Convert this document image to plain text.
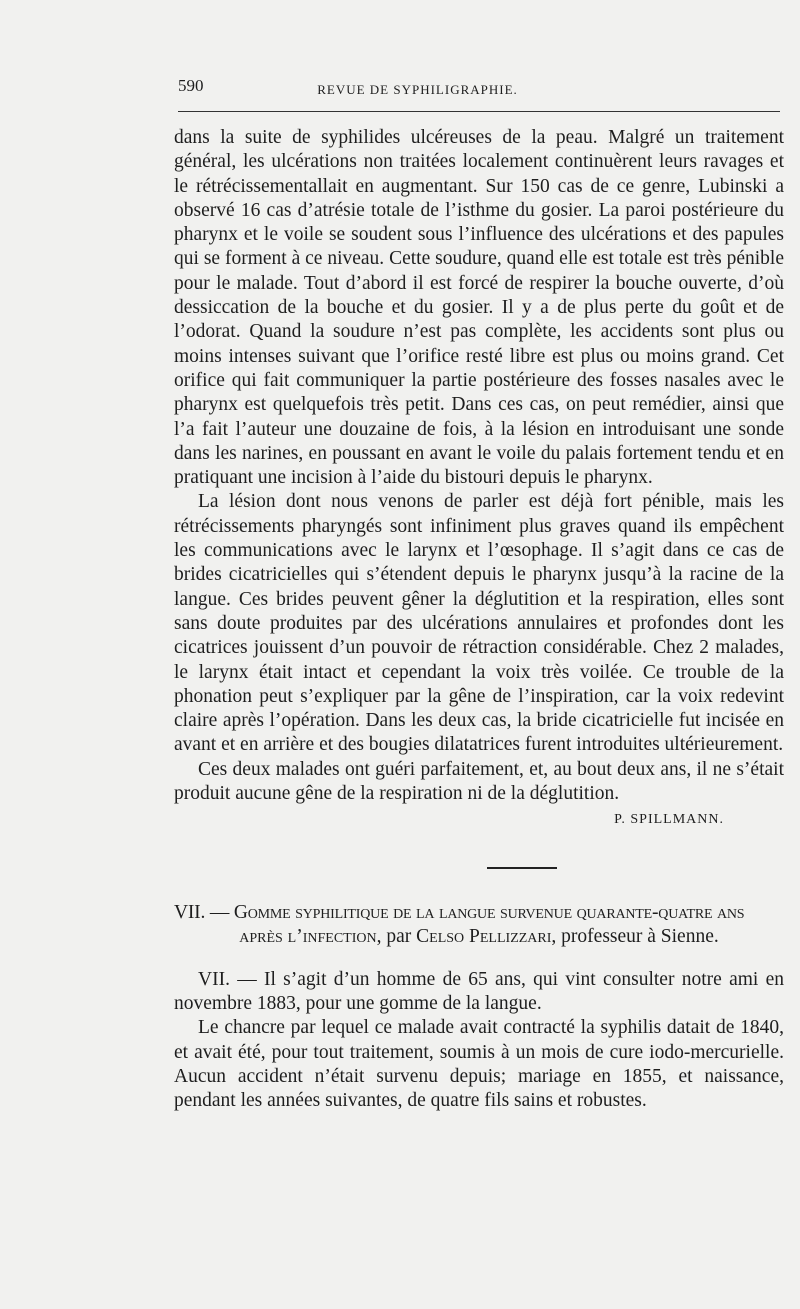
590	REVUE DE SYPHILIGRAPHIE.

dans la suite de syphilides ulcéreuses de la peau. Malgré un traitement général, les ulcérations non traitées localement continuèrent leurs ravages et le rétrécissementallait en augmentant. Sur 150 cas de ce genre, Lubinski a observé 16 cas d’atrésie totale de l’isthme du gosier. La paroi postérieure du pharynx et le voile se soudent sous l’influence des ulcérations et des papules qui se forment à ce niveau. Cette soudure, quand elle est totale est très pénible pour le malade. Tout d’abord il est forcé de respirer la bouche ouverte, d’où dessiccation de la bouche et du gosier. Il y a de plus perte du goût et de l’odorat. Quand la soudure n’est pas complète, les accidents sont plus ou moins intenses suivant que l’orifice resté libre est plus ou moins grand. Cet orifice qui fait communiquer la partie postérieure des fosses nasales avec le pharynx est quelquefois très petit. Dans ces cas, on peut remédier, ainsi que l’a fait l’auteur une douzaine de fois, à la lésion en introduisant une sonde dans les narines, en poussant en avant le voile du palais fortement tendu et en pratiquant une incision à l’aide du bistouri depuis le pharynx.

La lésion dont nous venons de parler est déjà fort pénible, mais les rétrécissements pharyngés sont infiniment plus graves quand ils empêchent les communications avec le larynx et l’œsophage. Il s’agit dans ce cas de brides cicatricielles qui s’étendent depuis le pharynx jusqu’à la racine de la langue. Ces brides peuvent gêner la déglutition et la respiration, elles sont sans doute produites par des ulcérations annulaires et profondes dont les cicatrices jouissent d’un pouvoir de rétraction considérable. Chez 2 malades, le larynx était intact et cependant la voix très voilée. Ce trouble de la phonation peut s’expliquer par la gêne de l’inspiration, car la voix redevint claire après l’opération. Dans les deux cas, la bride cicatricielle fut incisée en avant et en arrière et des bougies dilatatrices furent introduites ultérieurement.

Ces deux malades ont guéri parfaitement, et, au bout deux ans, il ne s’était produit aucune gêne de la respiration ni de la déglutition.

P. SPILLMANN.
VII. — Gomme syphilitique de la langue survenue quarante-quatre ans
après l’infection, par Celso Pellizzari, professeur à Sienne.

VII. — Il s’agit d’un homme de 65 ans, qui vint consulter notre ami en novembre 1883, pour une gomme de la langue.

Le chancre par lequel ce malade avait contracté la syphilis datait de 1840, et avait été, pour tout traitement, soumis à un mois de cure iodo-mercurielle. Aucun accident n’était survenu depuis; mariage en 1855, et naissance, pendant les années suivantes, de quatre fils sains et robustes.
